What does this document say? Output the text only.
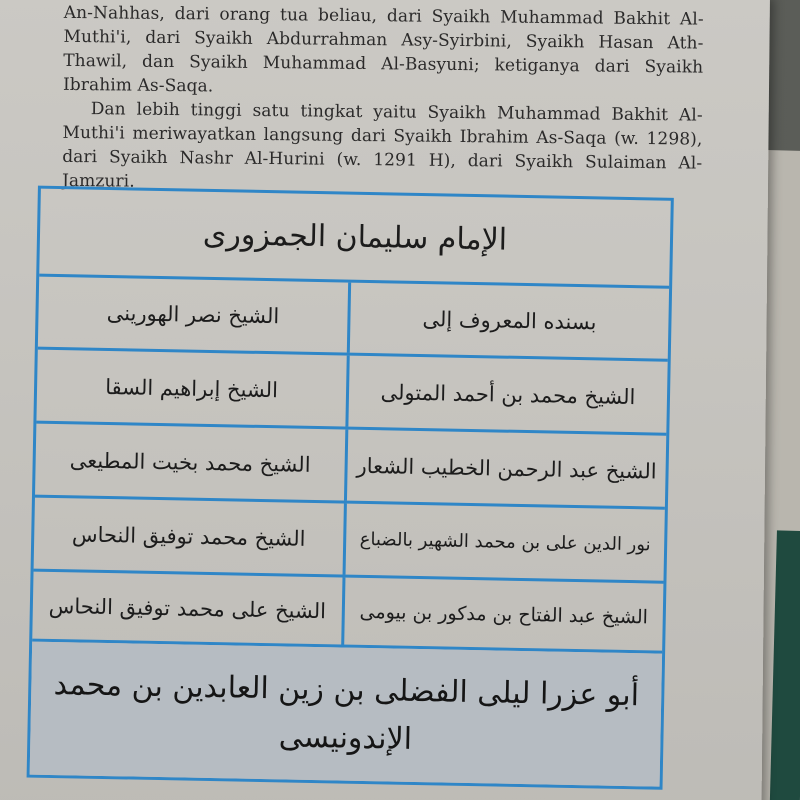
An-Nahhas, dari orang tua beliau, dari Syaikh Muhammad Bakhit Al-Muthi'i, dari Syaikh Abdurrahman Asy-Syirbini, Syaikh Hasan Ath-Thawil, dan Syaikh Muhammad Al-Basyuni; ketiganya dari Syaikh Ibrahim As-Saqa.

Dan lebih tinggi satu tingkat yaitu Syaikh Muhammad Bakhit Al-Muthi'i meriwayatkan langsung dari Syaikh Ibrahim As-Saqa (w. 1298), dari Syaikh Nashr Al-Hurini (w. 1291 H), dari Syaikh Sulaiman Al-Jamzuri.

الإمام سليمان الجمزورى
الشيخ نصر الهورينى	بسنده المعروف إلى
الشيخ إبراهيم السقا	الشيخ محمد بن أحمد المتولى
الشيخ محمد بخيت المطيعى	الشيخ عبد الرحمن الخطيب الشعار
الشيخ محمد توفيق النحاس	نور الدين على بن محمد الشهير بالضباع
الشيخ على محمد توفيق النحاس	الشيخ عبد الفتاح بن مدكور بن بيومى
أبو عزرا ليلى الفضلى بن زين العابدين بن محمد
الإندونيسى
